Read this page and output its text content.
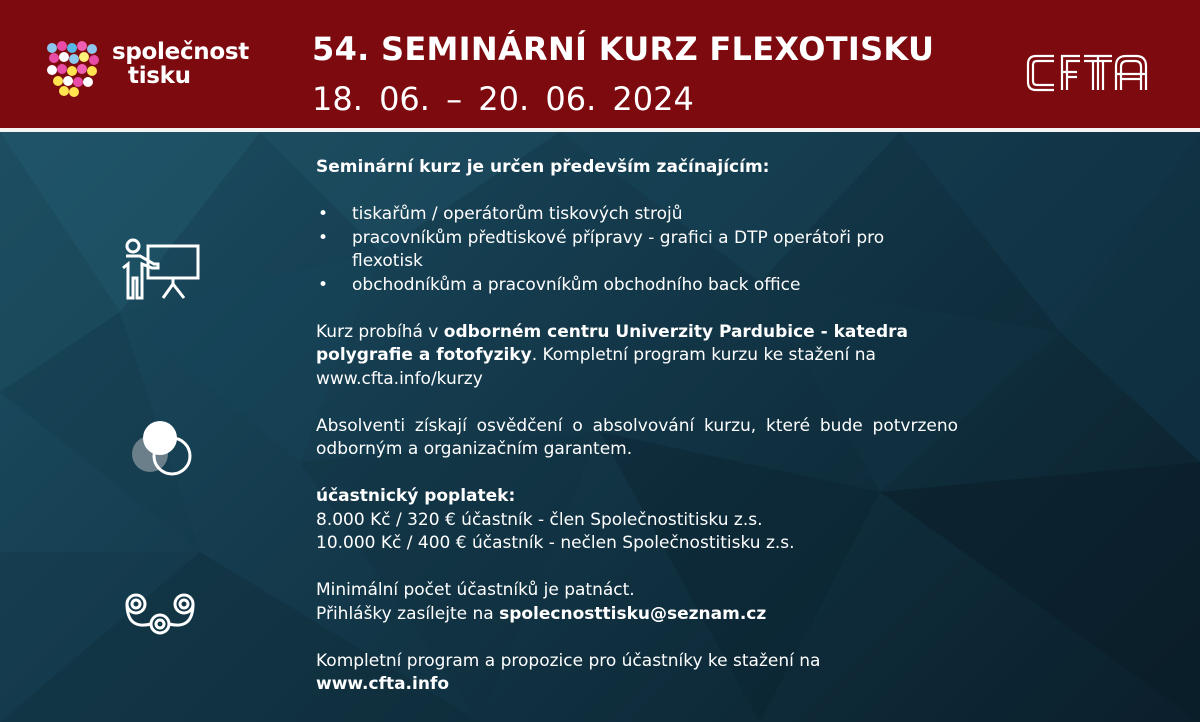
společnost
tisku
54. SEMINÁRNÍ KURZ FLEXOTISKU
18. 06. – 20. 06. 2024

Seminární kurz je určen především začínajícím:

• tiskařům / operátorům tiskových strojů
• pracovníkům předtiskové přípravy - grafici a DTP operátoři pro flexotisk
• obchodníkům a pracovníkům obchodního back office

Kurz probíhá v odborném centru Univerzity Pardubice - katedra polygrafie a fotofyziky. Kompletní program kurzu ke stažení na www.cfta.info/kurzy

Absolventi získají osvědčení o absolvování kurzu, které bude potvrzeno odborným a organizačním garantem.

účastnický poplatek:

8.000 Kč / 320 € účastník - člen Společnostitisku z.s.

10.000 Kč / 400 € účastník - nečlen Společnostitisku z.s.

Minimální počet účastníků je patnáct.

Přihlášky zasílejte na spolecnosttisku@seznam.cz

Kompletní program a propozice pro účastníky ke stažení na

www.cfta.info
